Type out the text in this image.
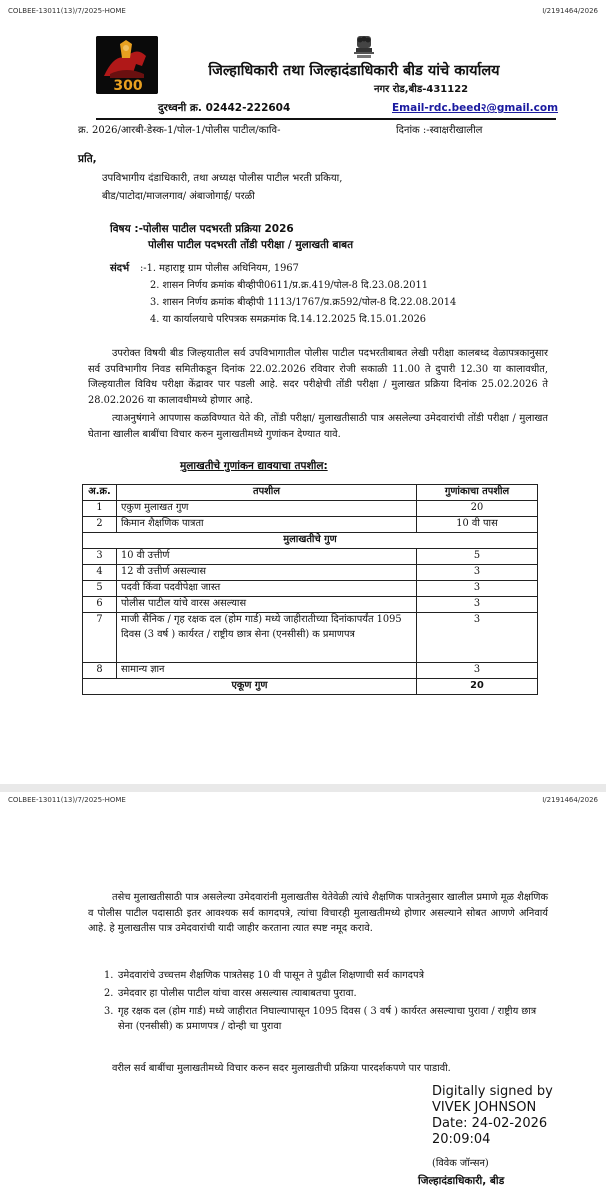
COLBEE-13011(13)/7/2025-HOME	I/2191464/2026
300
जिल्हाधिकारी तथा जिल्हादंडाधिकारी बीड यांचे कार्यालय
नगर रोड,बीड-431122
दुरध्वनी क्र. 02442-222604	Email-rdc.beed२@gmail.com
क्र. 2026/आरबी-डेस्क-1/पोल-1/पोलीस पाटील/कावि-	दिनांक :-स्वाक्षरीखालील
प्रति,
उपविभागीय दंडाधिकारी, तथा अध्यक्ष पोलीस पाटील भरती प्रकिया,
बीड/पाटोदा/माजलगाव/ अंबाजोगाई/ परळी
विषय :-पोलीस पाटील पदभरती प्रक्रिया 2026
पोलीस पाटील पदभरती तोंडी परीक्षा / मुलाखती बाबत
संदर्भ :-1. महाराष्ट्र ग्राम पोलीस अधिनियम, 1967
2. शासन निर्णय क्रमांक बीव्हीपी0611/प्र.क्र.419/पोल-8 दि.23.08.2011
3. शासन निर्णय क्रमांक बीव्हीपी 1113/1767/प्र.क्र592/पोल-8 दि.22.08.2014
4. या कार्यालयाचे परिपत्रक समक्रमांक दि.14.12.2025 दि.15.01.2026
उपरोक्त विषयी बीड जिल्हयातील सर्व उपविभागातील पोलीस पाटील पदभरतीबाबत लेखी परीक्षा कालबध्द वेळापत्रकानुसार सर्व उपविभागीय निवड समितीकडून दिनांक 22.02.2026 रविवार रोजी सकाळी 11.00 ते दुपारी 12.30 या कालावधीत, जिल्हयातील विविध परीक्षा केंद्रावर पार पडली आहे. सदर परीक्षेची तोंडी परीक्षा / मुलाखत प्रक्रिया दिनांक 25.02.2026 ते 28.02.2026 या कालावधीमध्ये होणार आहे.
त्याअनुषंगाने आपणास कळविण्यात येते की, तोंडी परीक्षा/ मुलाखतीसाठी पात्र असलेल्या उमेदवारांची तोंडी परीक्षा / मुलाखत घेताना खालील बाबींचा विचार करुन मुलाखतीमध्ये गुणांकन देण्यात यावे.
मुलाखतीचे गुणांकन द्यावयाचा तपशील:
अ.क्र.	तपशील	गुणांकाचा तपशील
1	एकुण मुलाखत गुण	20
2	किमान शैक्षणिक पात्रता	10 वी पास
मुलाखतीचे गुण		
3	10 वी उत्तीर्ण	5
4	12 वी उत्तीर्ण असल्यास	3
5	पदवी किंवा पदवीपेक्षा जास्त	3
6	पोलीस पाटील यांचे वारस असल्यास	3
7	माजी सैनिक / गृह रक्षक दल (होम गार्ड) मध्ये जाहीरातीच्या दिनांकापर्यंत 1095 दिवस (3 वर्ष ) कार्यरत / राष्ट्रीय छात्र सेना (एनसीसी) क प्रमाणपत्र	3
8	सामान्य ज्ञान	3
एकूण गुण		20
COLBEE-13011(13)/7/2025-HOME	I/2191464/2026
तसेच मुलाखतीसाठी पात्र असलेल्या उमेदवारांनी मुलाखतीस येतेवेळी त्यांचे शैक्षणिक पात्रतेनुसार खालील प्रमाणे मूळ शैक्षणिक व पोलीस पाटील पदासाठी इतर आवश्यक सर्व कागदपत्रे, त्यांचा विचारही मुलाखतीमध्ये होणार असल्याने सोबत आणणे अनिवार्य आहे. हे मुलाखतीस पात्र उमेदवारांची यादी जाहीर करताना त्यात स्पष्ट नमूद करावे.
1. उमेदवारांचे उच्चत्तम शैक्षणिक पात्रतेसह 10 वी पासून ते पुढील शिक्षणाची सर्व कागदपत्रे
2. उमेदवार हा पोलीस पाटील यांचा वारस असल्यास त्याबाबतचा पुरावा.
3. गृह रक्षक दल (होम गार्ड) मध्ये जाहीरात निघाल्यापासून 1095 दिवस ( 3 वर्ष ) कार्यरत असल्याचा पुरावा / राष्ट्रीय छात्र सेना (एनसीसी) क प्रमाणपत्र / दोन्ही चा पुरावा
वरील सर्व बाबींचा मुलाखतीमध्ये विचार करुन सदर मुलाखतीची प्रक्रिया पारदर्शकपणे पार पाडावी.
Digitally signed by
VIVEK JOHNSON
Date: 24-02-2026
20:09:04
(विवेक जॉन्सन)
जिल्हादंडाधिकारी, बीड
